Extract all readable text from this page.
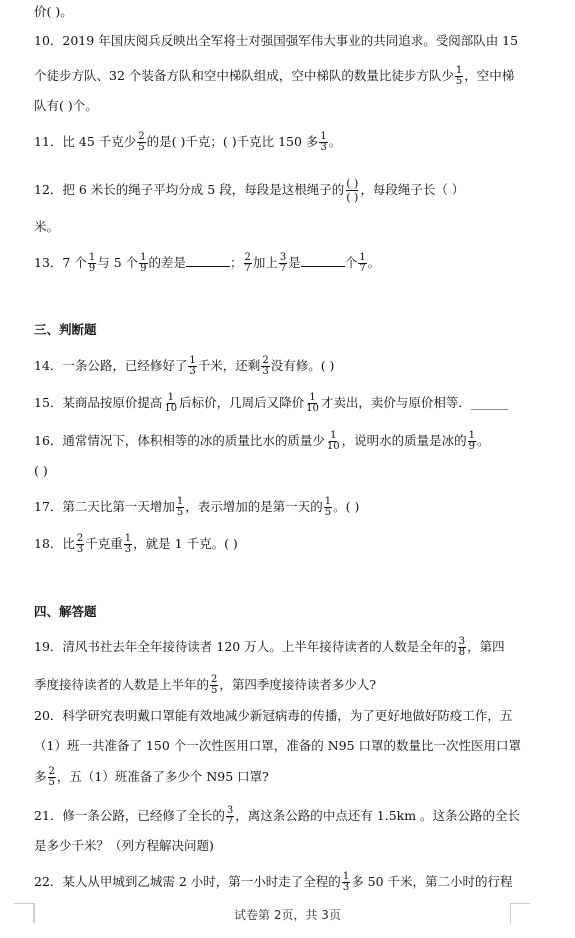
价( )。
10．2019 年国庆阅兵反映出全军将士对强国强军伟大事业的共同追求。受阅部队由 15
个徒步方队、32 个装备方队和空中梯队组成，空中梯队的数量比徒步方队少 $\frac{1}{5}$ ，空中梯
队有( )个。
11．比 45 千克少 $\frac{2}{5}$ 的是( )千克；( )千克比 150 多 $\frac{1}{3}$ 。
12．把 6 米长的绳子平均分成 5 段，每段是这根绳子的 ( )
( )
，每段绳子长（ ）
米。
13．7 个 $\frac{1}{9}$ 与 5 个 $\frac{1}{9}$ 的差是	； $\frac{2}{7}$ 加上 $\frac{3}{7}$ 是	个 $\frac{1}{7}$ 。
三、判断题
14．一条公路，已经修好了 $\frac{1}{3}$ 千米，还剩 $\frac{2}{3}$ 没有修。( )
15．某商品按原价提高 $\frac{1}{10}$ 后标价，几周后又降价 $\frac{1}{10}$ 才卖出，卖价与原价相等．______
16．通常情况下，体积相等的冰的质量比水的质量少 $\frac{1}{10}$ ，说明水的质量是冰的 $\frac{1}{9}$ 。
( )
17．第二天比第一天增加 $\frac{1}{5}$ ，表示增加的是第一天的 $\frac{1}{5}$ 。( )
18．比 $\frac{2}{3}$ 千克重 $\frac{1}{3}$ ，就是 1 千克。( )
四、解答题
19．清风书社去年全年接待读者 120 万人。上半年接待读者的人数是全年的 $\frac{3}{8}$ ，第四
季度接待读者的人数是上半年的 $\frac{2}{5}$ ，第四季度接待读者多少人?
20．科学研究表明戴口罩能有效地减少新冠病毒的传播，为了更好地做好防疫工作，五
（1）班一共准备了 150 个一次性医用口罩，准备的 N95 口罩的数量比一次性医用口罩
多 $\frac{2}{5}$ ，五（1）班准备了多少个 N95 口罩?
21．修一条公路，已经修了全长的 $\frac{3}{7}$ ，离这条公路的中点还有 1.5km 。这条公路的全长
是多少千米？（列方程解决问题)
22．某人从甲城到乙城需 2 小时，第一小时走了全程的 $\frac{1}{3}$ 多 50 千米，第二小时的行程
试卷第 2页，共 3页
